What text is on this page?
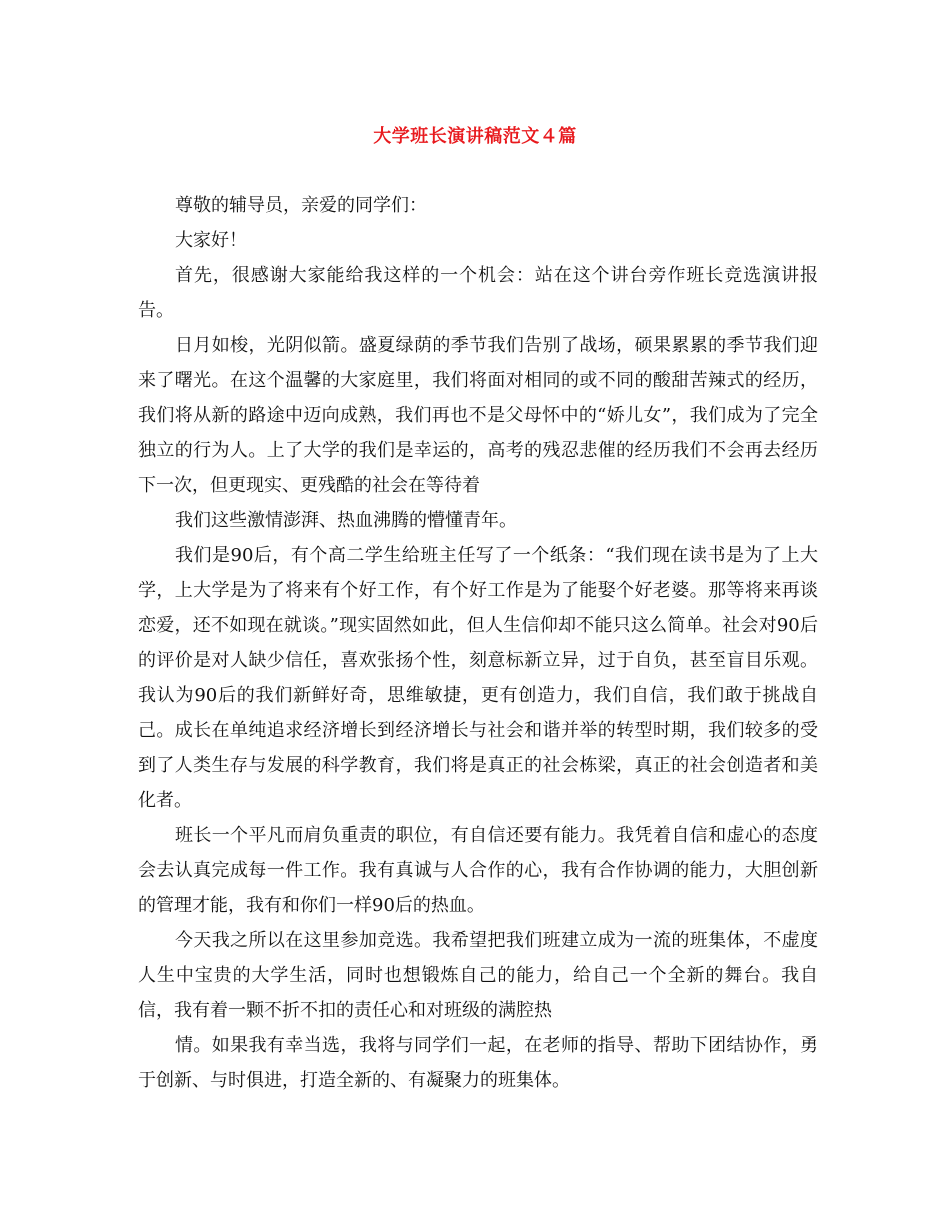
大学班长演讲稿范文４篇

尊敬的辅导员，亲爱的同学们：

大家好！

首先，很感谢大家能给我这样的一个机会：站在这个讲台旁作班长竞选演讲报告。

日月如梭，光阴似箭。盛夏绿荫的季节我们告别了战场，硕果累累的季节我们迎来了曙光。在这个温馨的大家庭里，我们将面对相同的或不同的酸甜苦辣式的经历，我们将从新的路途中迈向成熟，我们再也不是父母怀中的“娇儿女”，我们成为了完全独立的行为人。上了大学的我们是幸运的，高考的残忍悲催的经历我们不会再去经历下一次，但更现实、更残酷的社会在等待着

我们这些激情澎湃、热血沸腾的懵懂青年。

我们是90后，有个高二学生给班主任写了一个纸条：“我们现在读书是为了上大学，上大学是为了将来有个好工作，有个好工作是为了能娶个好老婆。那等将来再谈恋爱，还不如现在就谈。”现实固然如此，但人生信仰却不能只这么简单。社会对90后的评价是对人缺少信任，喜欢张扬个性，刻意标新立异，过于自负，甚至盲目乐观。我认为90后的我们新鲜好奇，思维敏捷，更有创造力，我们自信，我们敢于挑战自己。成长在单纯追求经济增长到经济增长与社会和谐并举的转型时期，我们较多的受到了人类生存与发展的科学教育，我们将是真正的社会栋梁，真正的社会创造者和美化者。

班长一个平凡而肩负重责的职位，有自信还要有能力。我凭着自信和虚心的态度会去认真完成每一件工作。我有真诚与人合作的心，我有合作协调的能力，大胆创新的管理才能，我有和你们一样90后的热血。

今天我之所以在这里参加竞选。我希望把我们班建立成为一流的班集体，不虚度人生中宝贵的大学生活，同时也想锻炼自己的能力，给自己一个全新的舞台。我自信，我有着一颗不折不扣的责任心和对班级的满腔热

情。如果我有幸当选，我将与同学们一起，在老师的指导、帮助下团结协作，勇于创新、与时俱进，打造全新的、有凝聚力的班集体。
